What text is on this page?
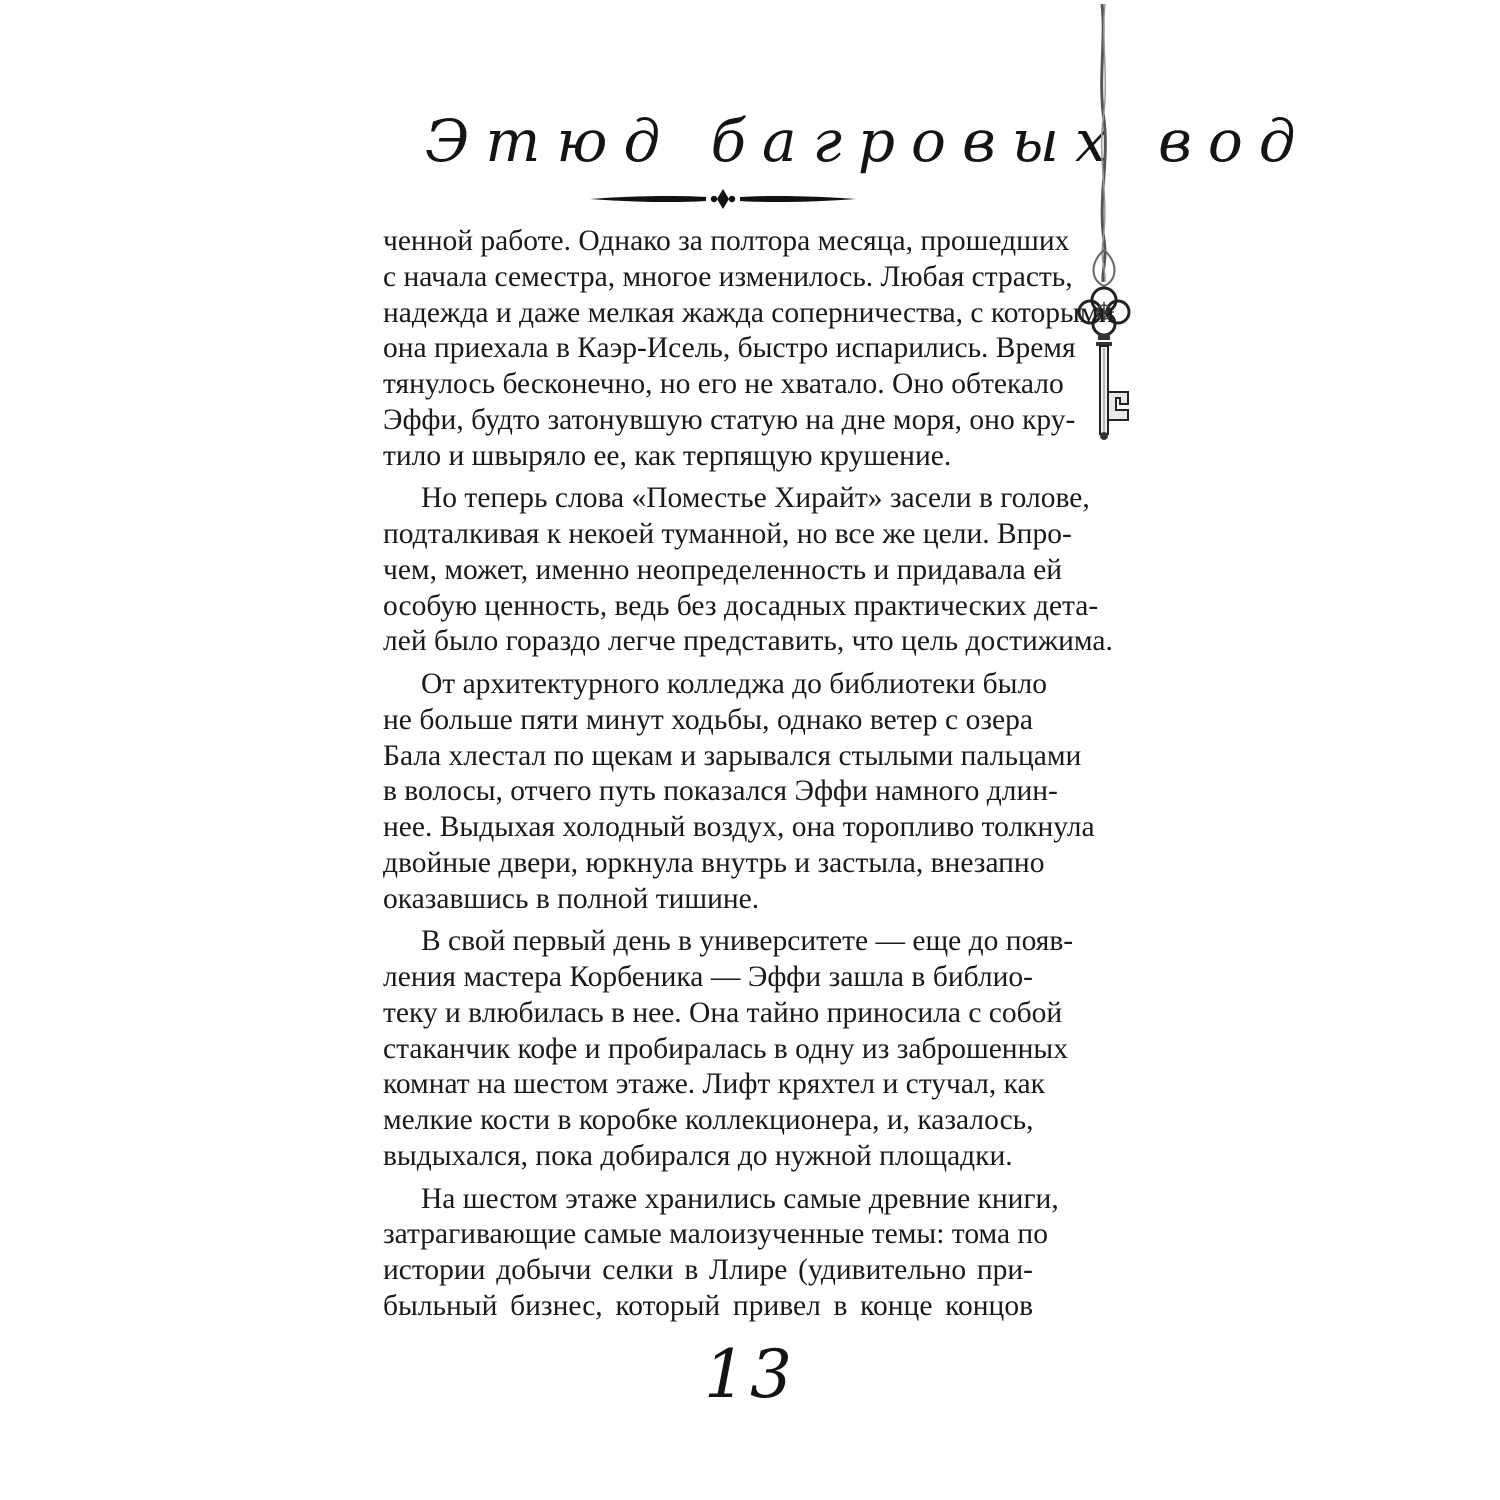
Этюд багровых вод
ченной работе. Однако за полтора месяца, прошедших
с начала семестра, многое изменилось. Любая страсть,
надежда и даже мелкая жажда соперничества, с которыми
она приехала в Каэр-Исель, быстро испарились. Время
тянулось бесконечно, но его не хватало. Оно обтекало
Эффи, будто затонувшую статую на дне моря, оно кру-
тило и швыряло ее, как терпящую крушение.
Но теперь слова «Поместье Хирайт» засели в голове,
подталкивая к некоей туманной, но все же цели. Впро-
чем, может, именно неопределенность и придавала ей
особую ценность, ведь без досадных практических дета-
лей было гораздо легче представить, что цель достижима.
От архитектурного колледжа до библиотеки было
не больше пяти минут ходьбы, однако ветер с озера
Бала хлестал по щекам и зарывался стылыми пальцами
в волосы, отчего путь показался Эффи намного длин-
нее. Выдыхая холодный воздух, она торопливо толкнула
двойные двери, юркнула внутрь и застыла, внезапно
оказавшись в полной тишине.
В свой первый день в университете — еще до появ-
ления мастера Корбеника — Эффи зашла в библио-
теку и влюбилась в нее. Она тайно приносила с собой
стаканчик кофе и пробиралась в одну из заброшенных
комнат на шестом этаже. Лифт кряхтел и стучал, как
мелкие кости в коробке коллекционера, и, казалось,
выдыхался, пока добирался до нужной площадки.
На шестом этаже хранились самые древние книги,
затрагивающие самые малоизученные темы: тома по
истории добычи селки в Ллире (удивительно при-
быльный бизнес, который привел в конце концов
13
